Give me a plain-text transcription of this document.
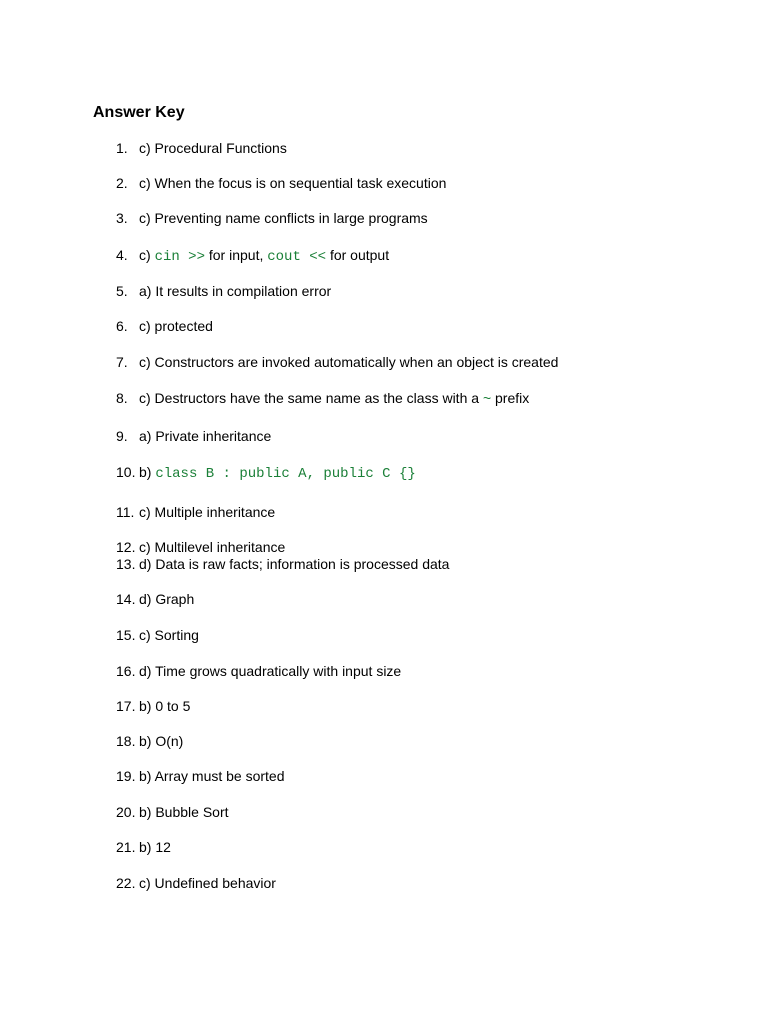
Answer Key
1. c) Procedural Functions
2. c) When the focus is on sequential task execution
3. c) Preventing name conflicts in large programs
4. c) cin >> for input, cout << for output
5. a) It results in compilation error
6. c) protected
7. c) Constructors are invoked automatically when an object is created
8. c) Destructors have the same name as the class with a ~ prefix
9. a) Private inheritance
10. b) class B : public A, public C {}
11. c) Multiple inheritance
12. c) Multilevel inheritance
13. d) Data is raw facts; information is processed data
14. d) Graph
15. c) Sorting
16. d) Time grows quadratically with input size
17. b) 0 to 5
18. b) O(n)
19. b) Array must be sorted
20. b) Bubble Sort
21. b) 12
22. c) Undefined behavior
